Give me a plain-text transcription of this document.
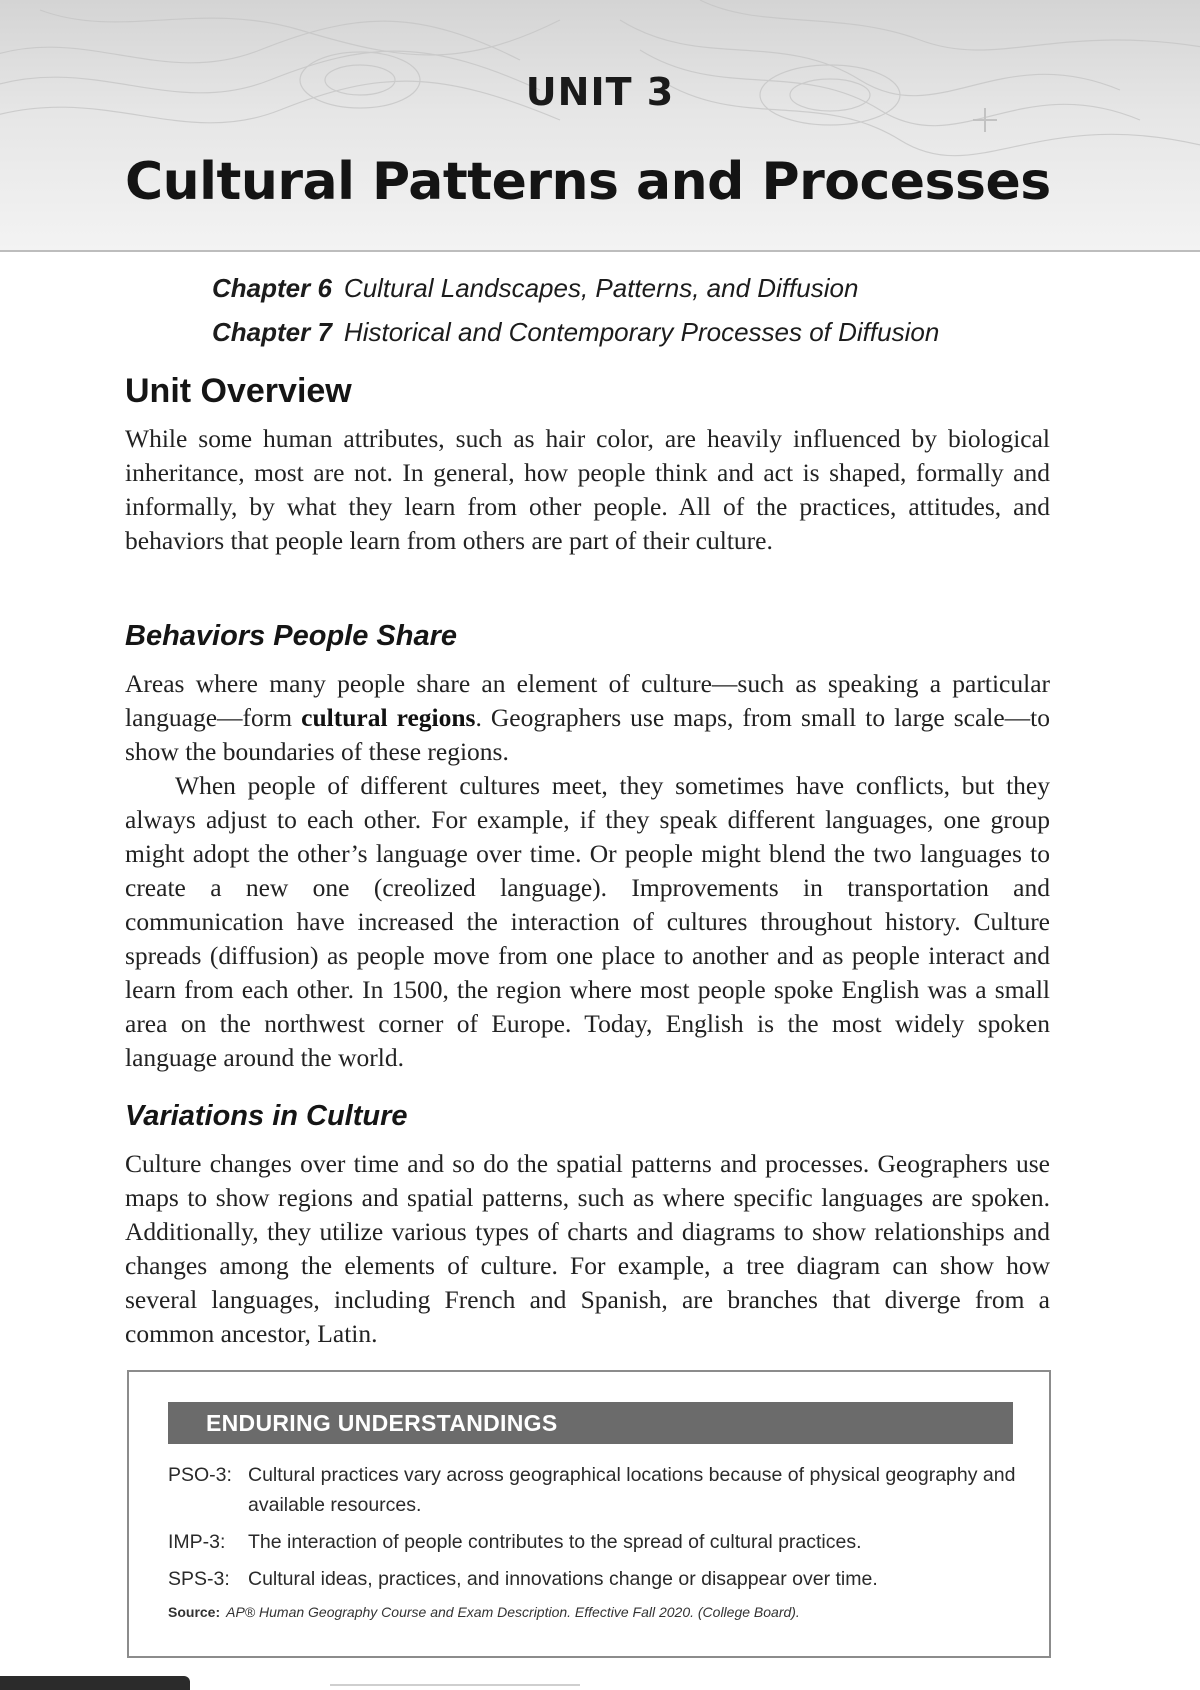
UNIT 3
Cultural Patterns and Processes
Chapter 6 Cultural Landscapes, Patterns, and Diffusion
Chapter 7 Historical and Contemporary Processes of Diffusion
Unit Overview

While some human attributes, such as hair color, are heavily influenced by biological inheritance, most are not. In general, how people think and act is shaped, formally and informally, by what they learn from other people. All of the practices, attitudes, and behaviors that people learn from others are part of their culture.

Behaviors People Share

Areas where many people share an element of culture—such as speaking a particular language—form cultural regions. Geographers use maps, from small to large scale—to show the boundaries of these regions.

When people of different cultures meet, they sometimes have conflicts, but they always adjust to each other. For example, if they speak different languages, one group might adopt the other’s language over time. Or people might blend the two languages to create a new one (creolized language). Improvements in transportation and communication have increased the interaction of cultures throughout history. Culture spreads (diffusion) as people move from one place to another and as people interact and learn from each other. In 1500, the region where most people spoke English was a small area on the northwest corner of Europe. Today, English is the most widely spoken language around the world.

Variations in Culture

Culture changes over time and so do the spatial patterns and processes. Geographers use maps to show regions and spatial patterns, such as where specific languages are spoken. Additionally, they utilize various types of charts and diagrams to show relationships and changes among the elements of culture. For example, a tree diagram can show how several languages, including French and Spanish, are branches that diverge from a common ancestor, Latin.

ENDURING UNDERSTANDINGS
PSO-3: Cultural practices vary across geographical locations because of physical geography and available resources.
IMP-3:	The interaction of people contributes to the spread of cultural practices.
SPS-3: Cultural ideas, practices, and innovations change or disappear over time.
Source: AP® Human Geography Course and Exam Description. Effective Fall 2020. (College Board).
